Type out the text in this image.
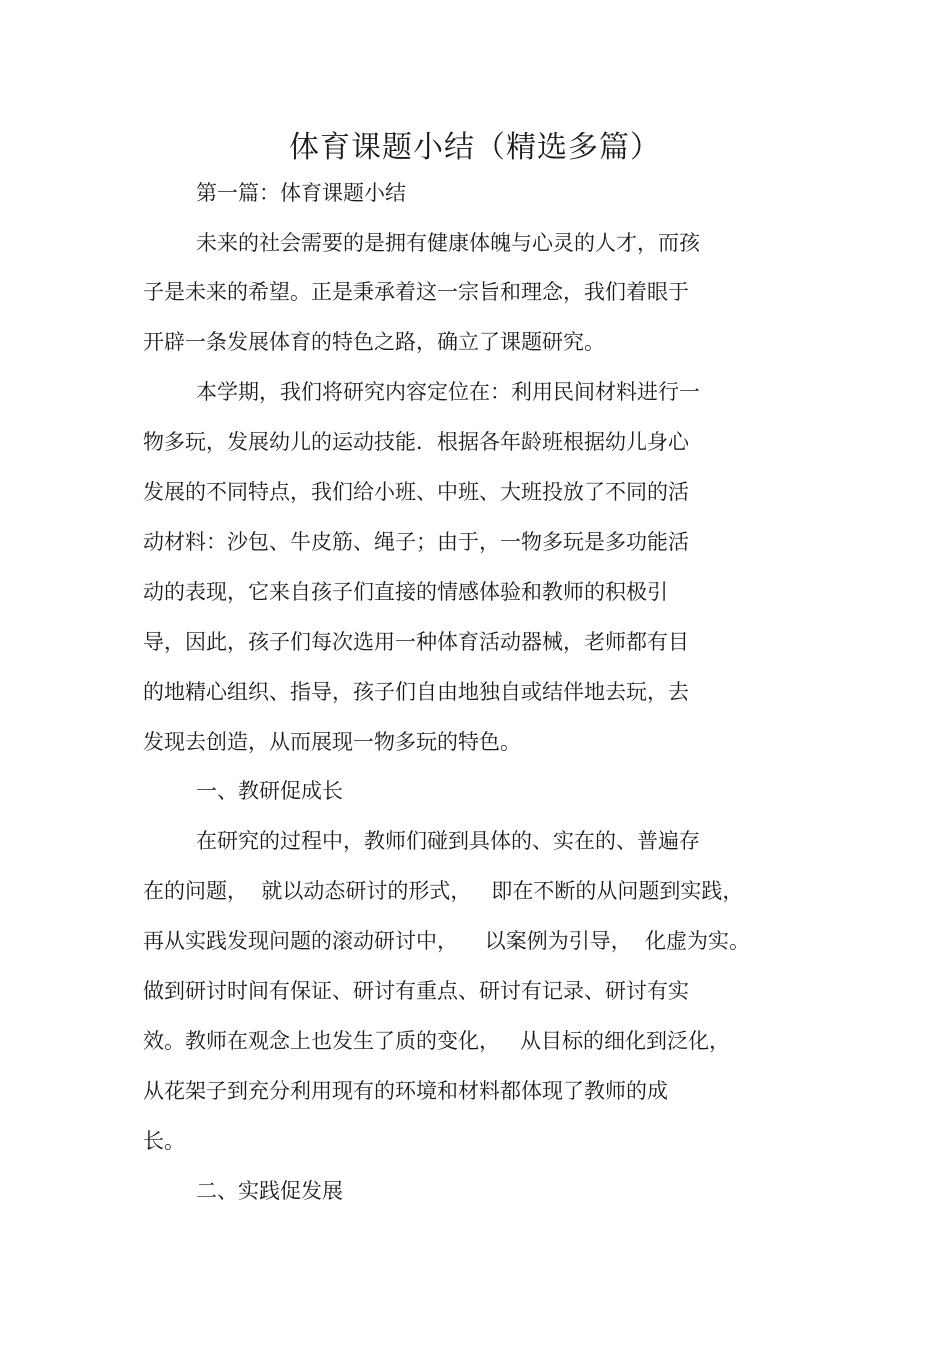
体育课题小结（精选多篇）
第一篇：体育课题小结
未来的社会需要的是拥有健康体魄与心灵的人才，而孩
子是未来的希望。正是秉承着这一宗旨和理念，我们着眼于
开辟一条发展体育的特色之路，确立了课题研究。
本学期，我们将研究内容定位在：利用民间材料进行一
物多玩，发展幼儿的运动技能．根据各年龄班根据幼儿身心
发展的不同特点，我们给小班、中班、大班投放了不同的活
动材料：沙包、牛皮筋、绳子；由于，一物多玩是多功能活
动的表现，它来自孩子们直接的情感体验和教师的积极引
导，因此，孩子们每次选用一种体育活动器械，老师都有目
的地精心组织、指导，孩子们自由地独自或结伴地去玩，去
发现去创造，从而展现一物多玩的特色。
一、教研促成长
在研究的过程中，教师们碰到具体的、实在的、普遍存
在的问题，  就以动态研讨的形式，   即在不断的从问题到实践，
再从实践发现问题的滚动研讨中，    以案例为引导，  化虚为实。
做到研讨时间有保证、研讨有重点、研讨有记录、研讨有实
效。教师在观念上也发生了质的变化，   从目标的细化到泛化，
从花架子到充分利用现有的环境和材料都体现了教师的成
长。
二、实践促发展
